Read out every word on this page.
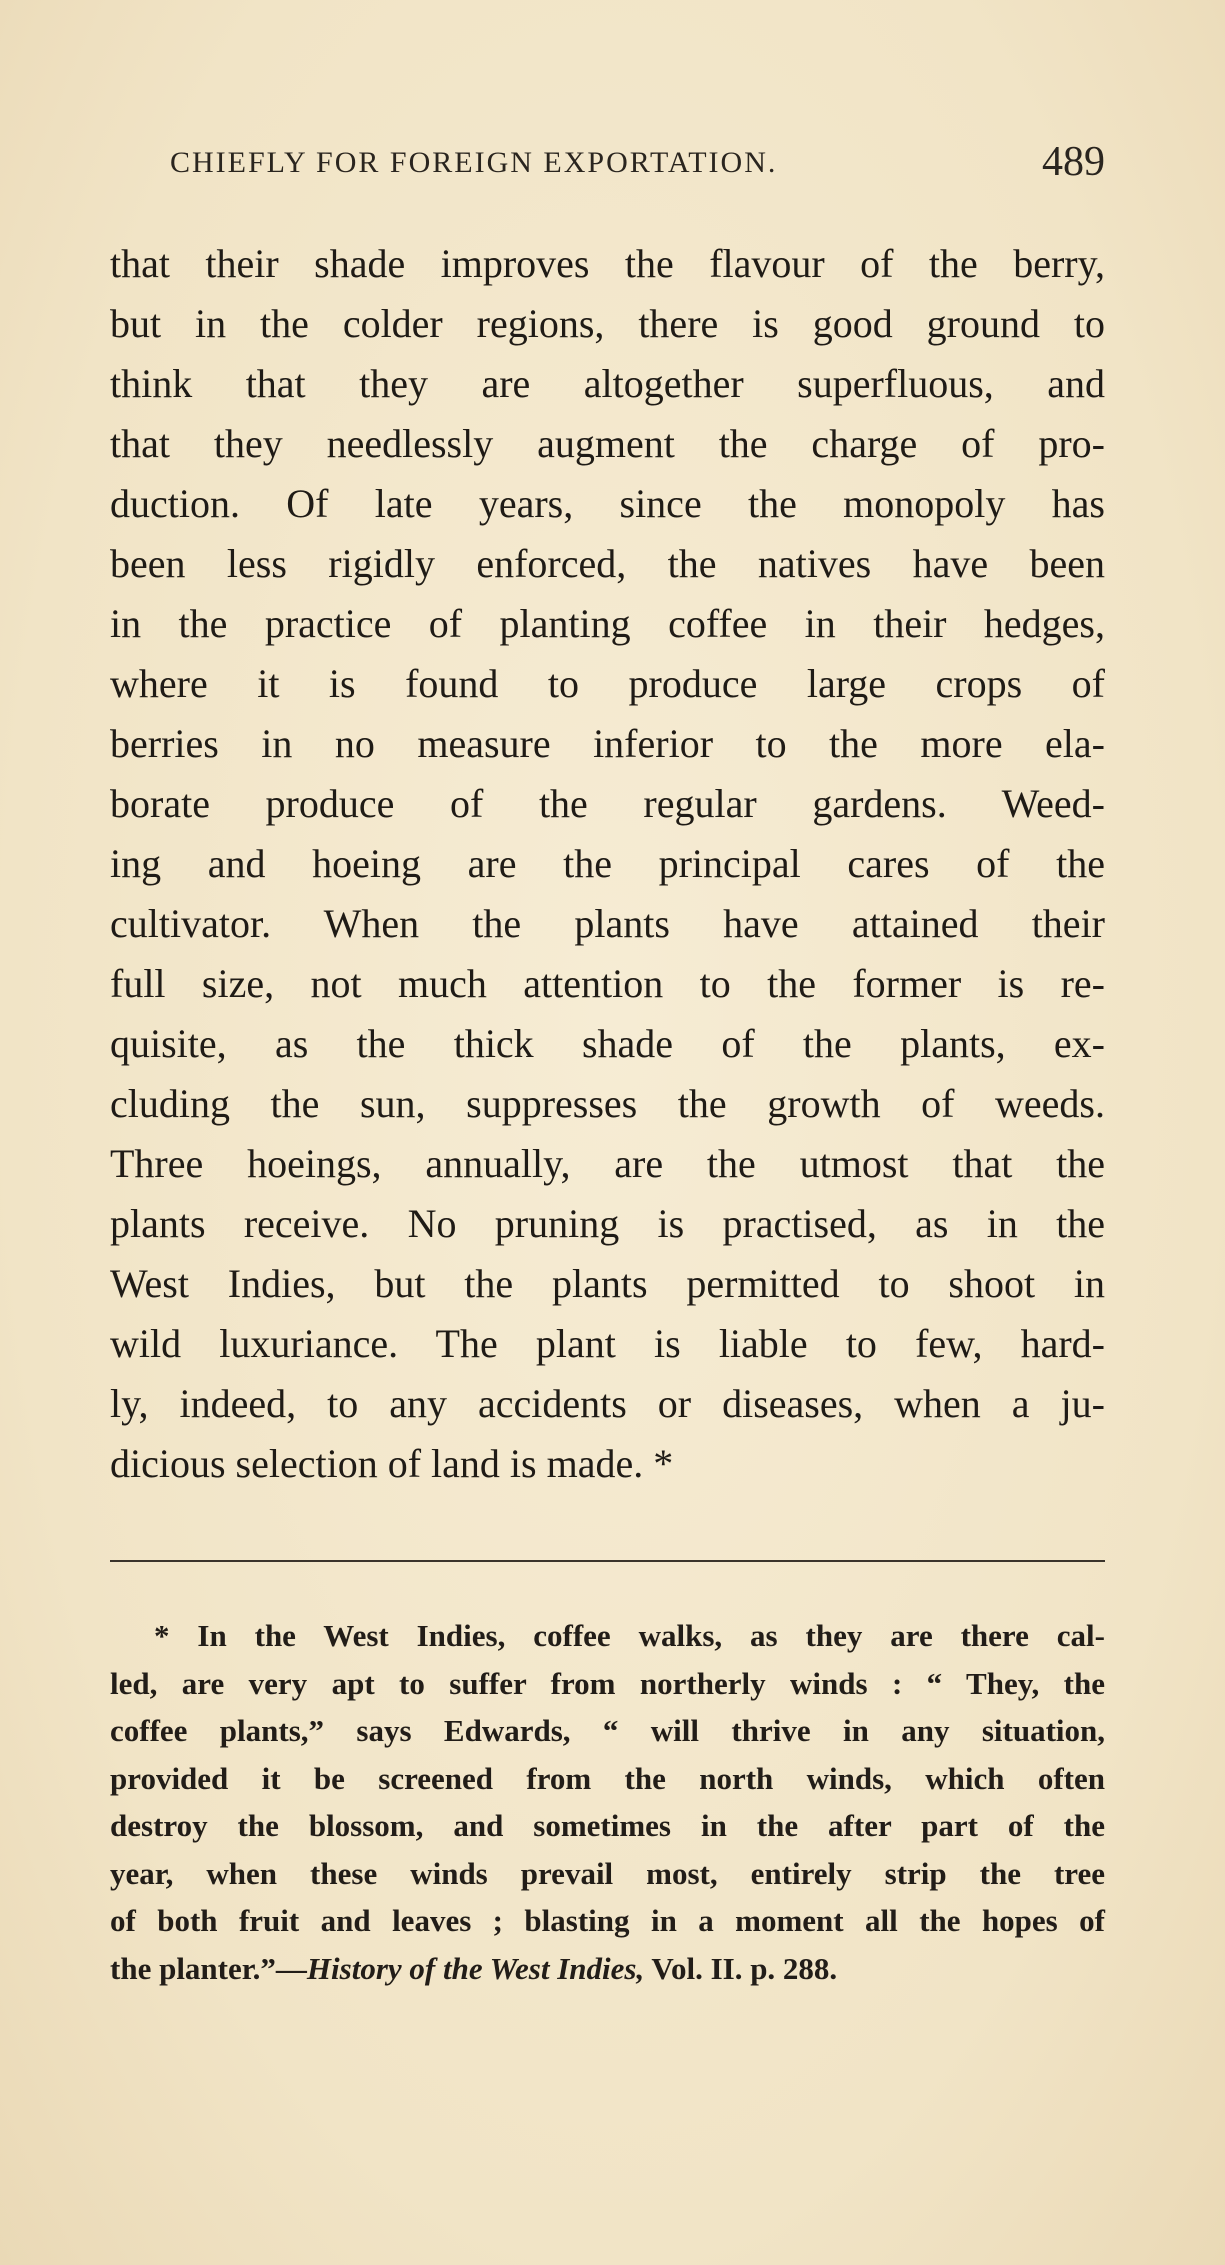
CHIEFLY FOR FOREIGN EXPORTATION.	489
that their shade improves the flavour of the berry,
but in the colder regions, there is good ground to
think that they are altogether superfluous, and
that they needlessly augment the charge of pro-
duction. Of late years, since the monopoly has
been less rigidly enforced, the natives have been
in the practice of planting coffee in their hedges,
where it is found to produce large crops of
berries in no measure inferior to the more ela-
borate produce of the regular gardens. Weed-
ing and hoeing are the principal cares of the
cultivator. When the plants have attained their
full size, not much attention to the former is re-
quisite, as the thick shade of the plants, ex-
cluding the sun, suppresses the growth of weeds.
Three hoeings, annually, are the utmost that the
plants receive. No pruning is practised, as in the
West Indies, but the plants permitted to shoot in
wild luxuriance. The plant is liable to few, hard-
ly, indeed, to any accidents or diseases, when a ju-
dicious selection of land is made. *
* In the West Indies, coffee walks, as they are there cal-
led, are very apt to suffer from northerly winds : “ They, the
coffee plants,” says Edwards, “ will thrive in any situation,
provided it be screened from the north winds, which often
destroy the blossom, and sometimes in the after part of the
year, when these winds prevail most, entirely strip the tree
of both fruit and leaves ; blasting in a moment all the hopes of
the planter.”—History of the West Indies, Vol. II. p. 288.
